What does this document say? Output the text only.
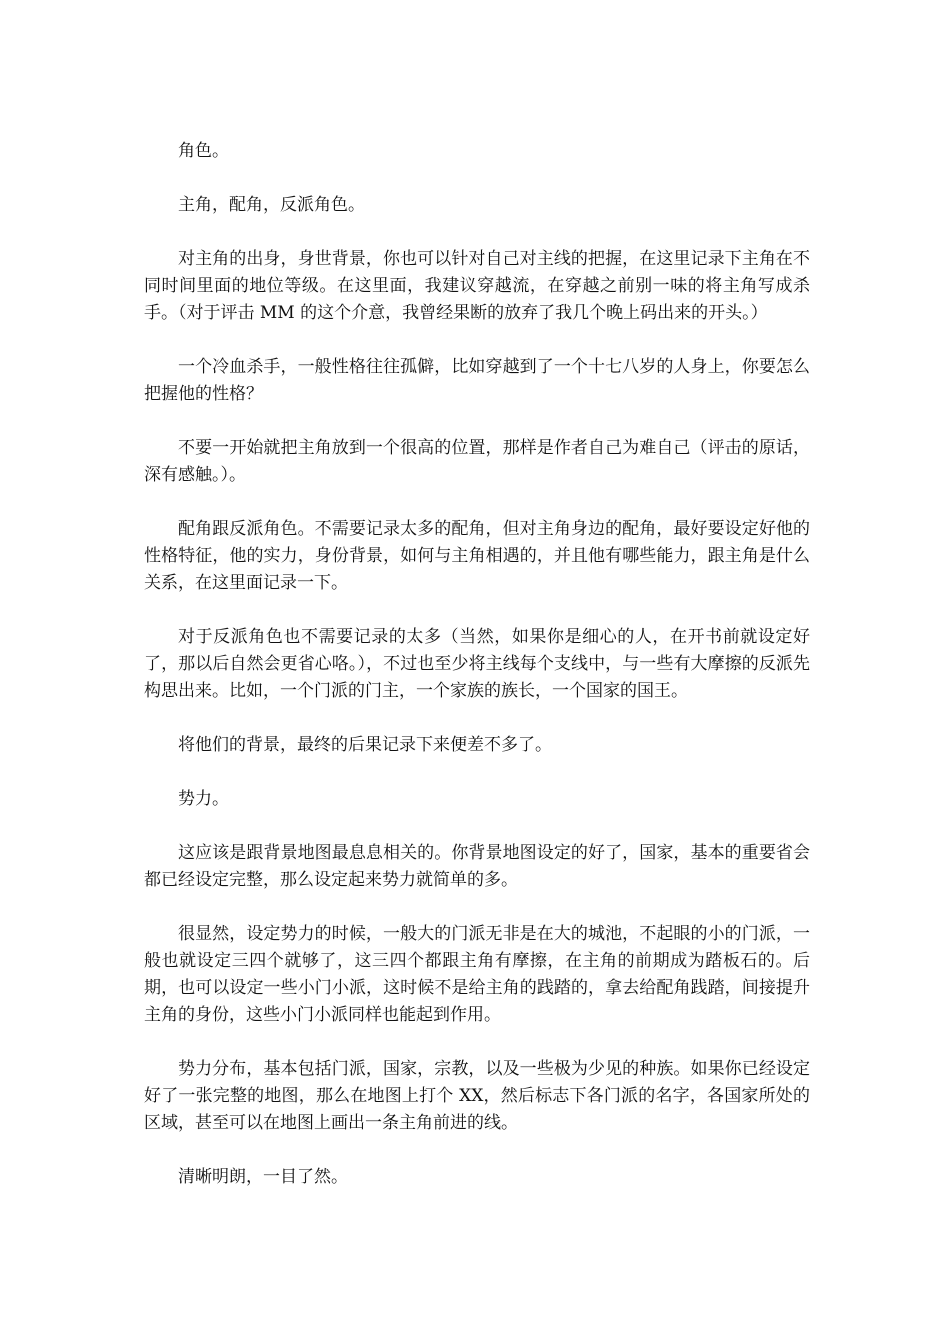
角色。

主角，配角，反派角色。

对主角的出身，身世背景，你也可以针对自己对主线的把握，在这里记录下主角在不同时间里面的地位等级。在这里面，我建议穿越流，在穿越之前别一味的将主角写成杀手。（对于评击 MM 的这个介意，我曾经果断的放弃了我几个晚上码出来的开头。）

一个冷血杀手，一般性格往往孤僻，比如穿越到了一个十七八岁的人身上，你要怎么把握他的性格？

不要一开始就把主角放到一个很高的位置，那样是作者自己为难自己（评击的原话，深有感触。）。

配角跟反派角色。不需要记录太多的配角，但对主角身边的配角，最好要设定好他的性格特征，他的实力，身份背景，如何与主角相遇的，并且他有哪些能力，跟主角是什么关系，在这里面记录一下。

对于反派角色也不需要记录的太多（当然，如果你是细心的人，在开书前就设定好了，那以后自然会更省心咯。），不过也至少将主线每个支线中，与一些有大摩擦的反派先构思出来。比如，一个门派的门主，一个家族的族长，一个国家的国王。

将他们的背景，最终的后果记录下来便差不多了。

势力。

这应该是跟背景地图最息息相关的。你背景地图设定的好了，国家，基本的重要省会都已经设定完整，那么设定起来势力就简单的多。

很显然，设定势力的时候，一般大的门派无非是在大的城池，不起眼的小的门派，一般也就设定三四个就够了，这三四个都跟主角有摩擦，在主角的前期成为踏板石的。后期，也可以设定一些小门小派，这时候不是给主角的践踏的，拿去给配角践踏，间接提升主角的身份，这些小门小派同样也能起到作用。

势力分布，基本包括门派，国家，宗教，以及一些极为少见的种族。如果你已经设定好了一张完整的地图，那么在地图上打个 XX，然后标志下各门派的名字，各国家所处的区域，甚至可以在地图上画出一条主角前进的线。

清晰明朗，一目了然。
